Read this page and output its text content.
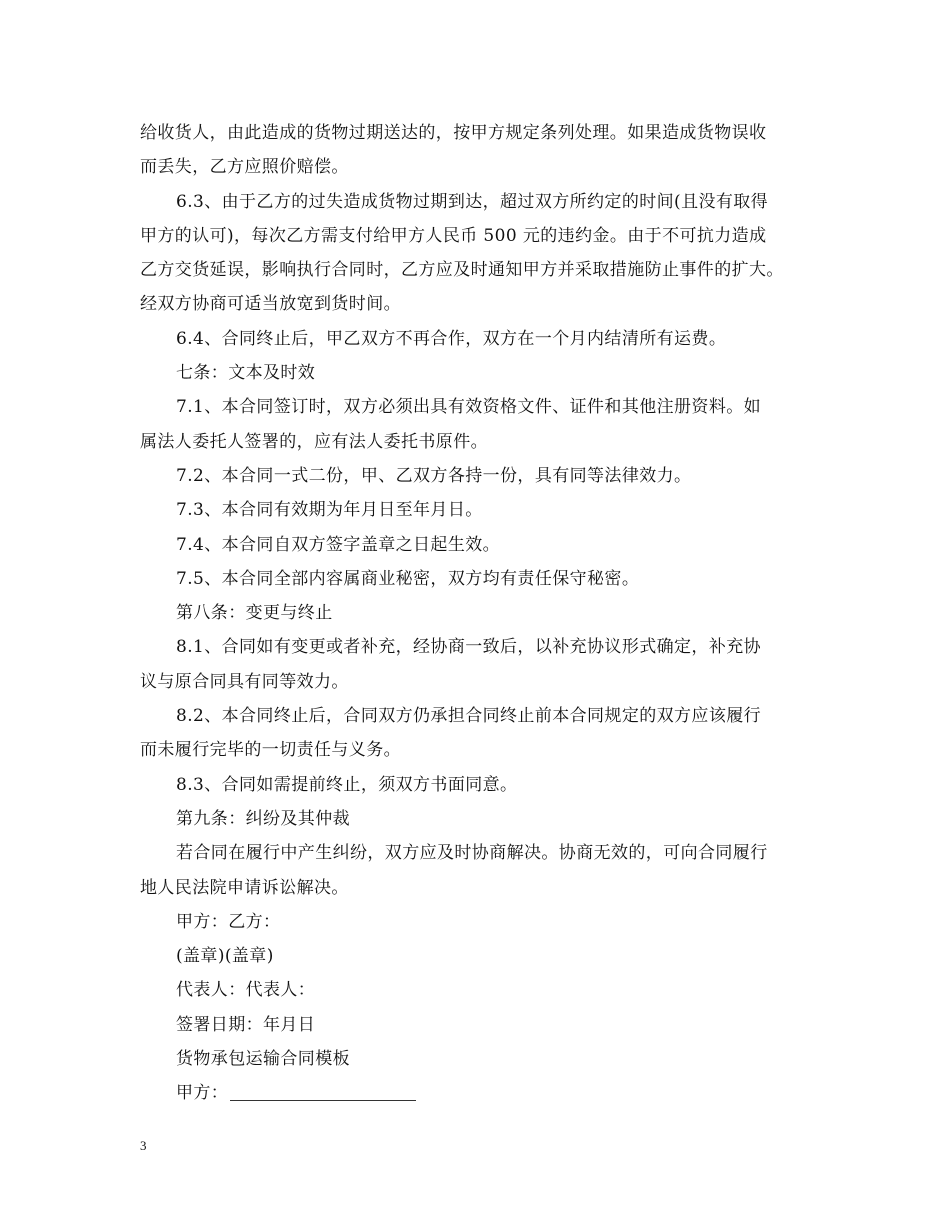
给收货人，由此造成的货物过期送达的，按甲方规定条列处理。如果造成货物误收
而丢失，乙方应照价赔偿。
6.3、由于乙方的过失造成货物过期到达，超过双方所约定的时间(且没有取得
甲方的认可)，每次乙方需支付给甲方人民币 500 元的违约金。由于不可抗力造成
乙方交货延误，影响执行合同时，乙方应及时通知甲方并采取措施防止事件的扩大。
经双方协商可适当放宽到货时间。
6.4、合同终止后，甲乙双方不再合作，双方在一个月内结清所有运费。
七条：文本及时效
7.1、本合同签订时，双方必须出具有效资格文件、证件和其他注册资料。如
属法人委托人签署的，应有法人委托书原件。
7.2、本合同一式二份，甲、乙双方各持一份，具有同等法律效力。
7.3、本合同有效期为年月日至年月日。
7.4、本合同自双方签字盖章之日起生效。
7.5、本合同全部内容属商业秘密，双方均有责任保守秘密。
第八条：变更与终止
8.1、合同如有变更或者补充，经协商一致后，以补充协议形式确定，补充协
议与原合同具有同等效力。
8.2、本合同终止后，合同双方仍承担合同终止前本合同规定的双方应该履行
而未履行完毕的一切责任与义务。
8.3、合同如需提前终止，须双方书面同意。
第九条：纠纷及其仲裁
若合同在履行中产生纠纷，双方应及时协商解决。协商无效的，可向合同履行
地人民法院申请诉讼解决。
甲方：乙方：
(盖章)(盖章)
代表人：代表人：
签署日期：年月日
货物承包运输合同模板
甲方：
3
